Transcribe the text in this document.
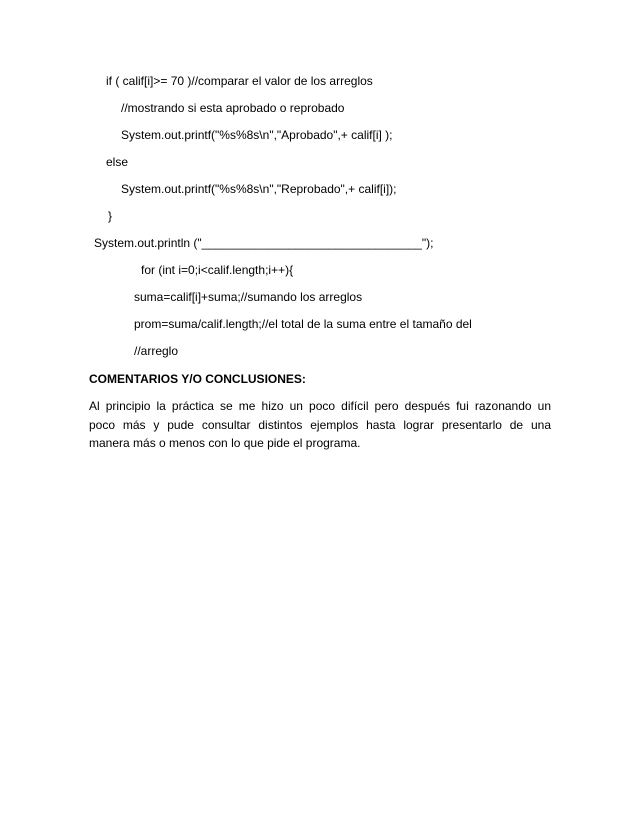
if ( calif[i]>= 70 )//comparar el valor de los arreglos
//mostrando si esta aprobado o reprobado
System.out.printf("%s%8s\n","Aprobado",+ calif[i] );
else
System.out.printf("%s%8s\n","Reprobado",+ calif[i]);
}
System.out.println ("_________________________________");
for (int i=0;i<calif.length;i++){
suma=calif[i]+suma;//sumando los arreglos
prom=suma/calif.length;//el total de la suma entre el tamaño del
//arreglo
COMENTARIOS Y/O CONCLUSIONES:
Al principio la práctica se me hizo un poco difícil pero después fui razonando un
poco más y pude consultar distintos ejemplos hasta lograr presentarlo de una
manera más o menos con lo que pide el programa.
